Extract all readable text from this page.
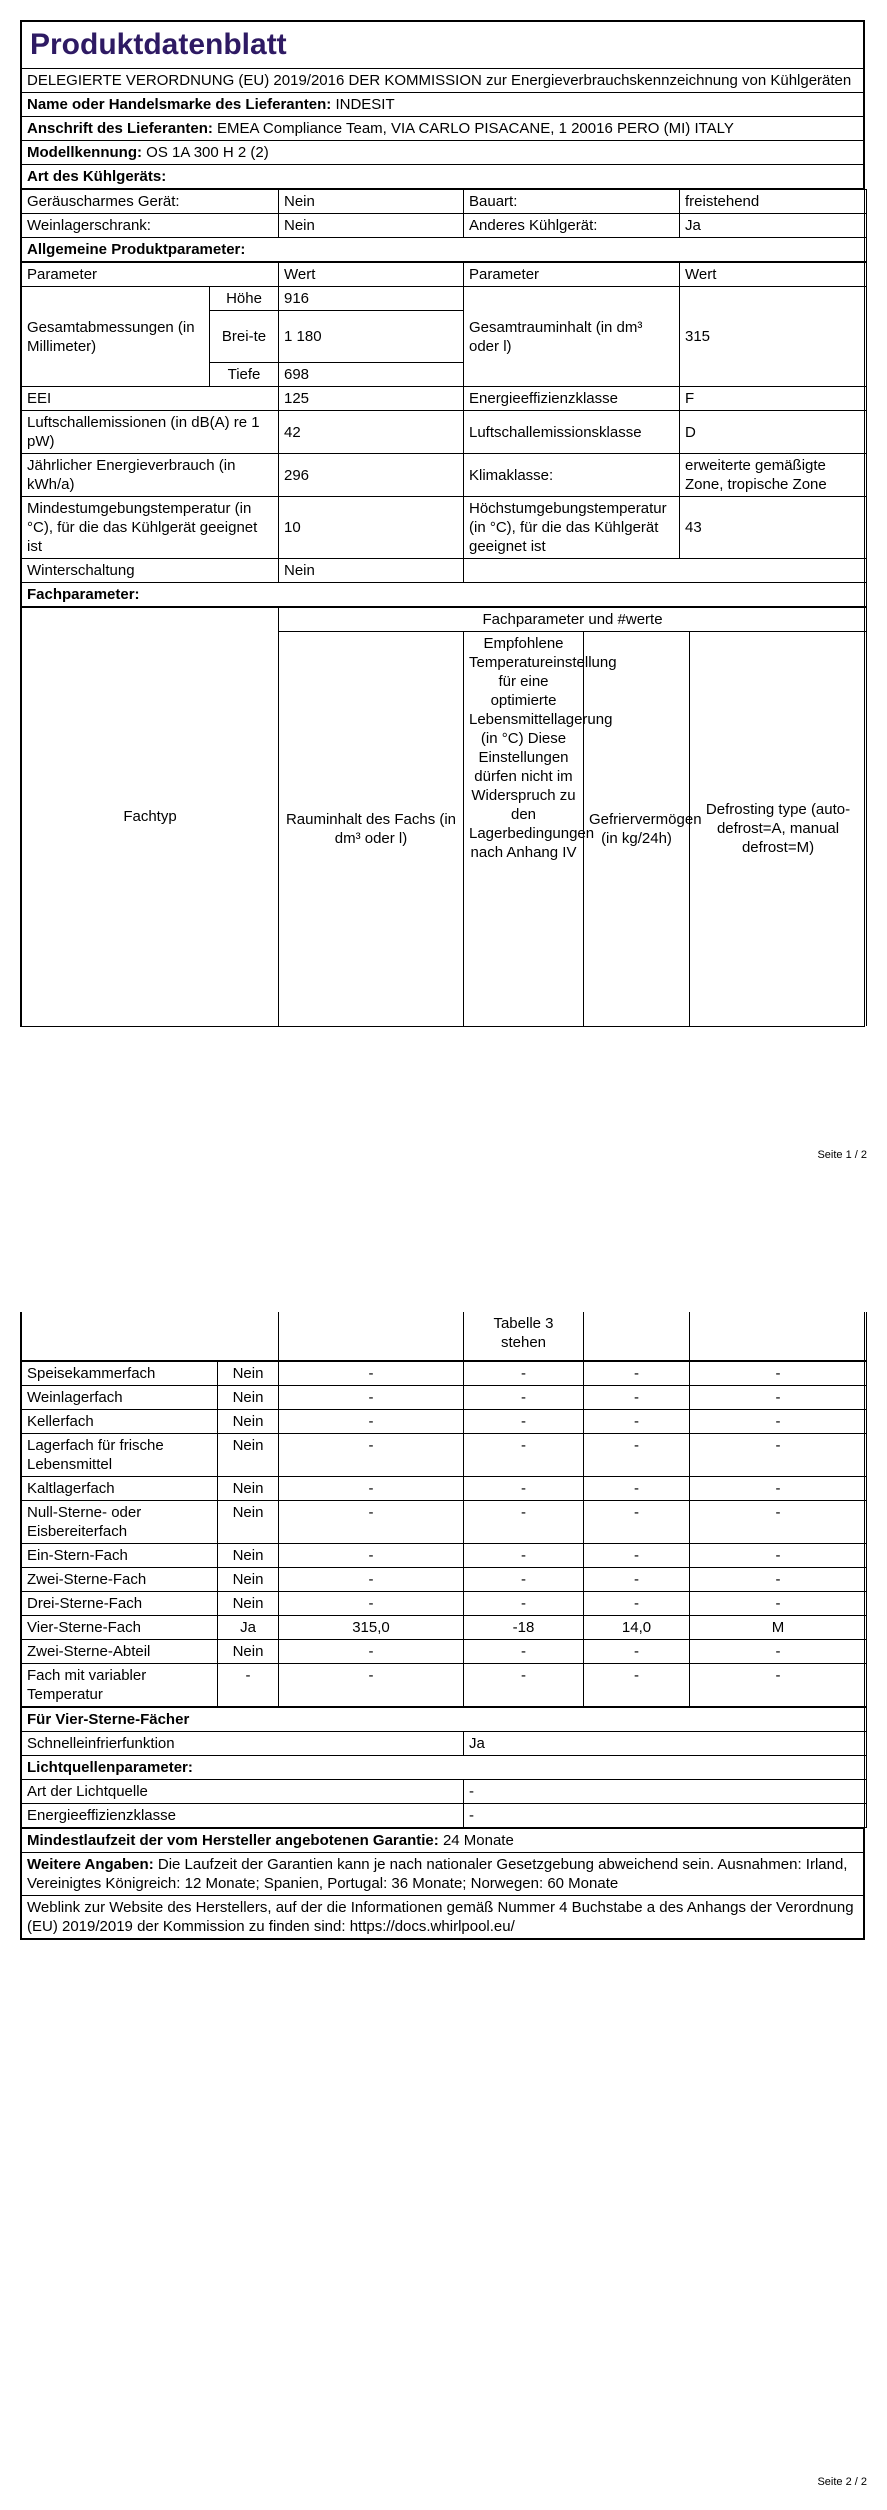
Produktdatenblatt
DELEGIERTE VERORDNUNG (EU) 2019/2016 DER KOMMISSION zur Energieverbrauchskennzeichnung von Kühlgeräten
Name oder Handelsmarke des Lieferanten: INDESIT
Anschrift des Lieferanten: EMEA Compliance Team, VIA CARLO PISACANE, 1 20016 PERO (MI) ITALY
Modellkennung: OS 1A 300 H 2 (2)
Art des Kühlgeräts:
Geräuscharmes Gerät:	Nein	Bauart:	freistehend
Weinlagerschrank:	Nein	Anderes Kühlgerät:	Ja
Allgemeine Produktparameter:			
Parameter		Wert	Parameter	Wert
Gesamtabmessungen (in Millimeter)	Höhe	916	Gesamtrauminhalt (in dm³ oder l)	315
	Brei-te	1 180		
	Tiefe	698		
EEI		125	Energieeffizienzklasse	F
Luftschallemissionen (in dB(A) re 1 pW)		42	Luftschallemissionsklasse	D
Jährlicher Energieverbrauch (in kWh/a)		296	Klimaklasse:	erweiterte gemäßigte Zone, tropische Zone
Mindestumgebungstemperatur (in °C), für die das Kühlgerät geeignet ist		10	Höchstumgebungstemperatur (in °C), für die das Kühlgerät geeignet ist	43
Winterschaltung		Nein		
Fachparameter:				
Fachtyp	Fachparameter und #werte			
	Rauminhalt des Fachs (in dm³ oder l)	Empfohlene Temperatureinstellung für eine optimierte Lebensmittellagerung (in °C) Diese Einstellungen dürfen nicht im Widerspruch zu den Lagerbedingungen nach Anhang IV	Gefriervermögen (in kg/24h)	Defrosting type (auto-defrost=A, manual defrost=M)
Seite 1 / 2
		Tabelle 3 stehen		
Speisekammerfach	Nein	-	-	-	-
Weinlagerfach	Nein	-	-	-	-
Kellerfach	Nein	-	-	-	-
Lagerfach für frische Lebensmittel	Nein	-	-	-	-
Kaltlagerfach	Nein	-	-	-	-
Null-Sterne- oder Eisbereiterfach	Nein	-	-	-	-
Ein-Stern-Fach	Nein	-	-	-	-
Zwei-Sterne-Fach	Nein	-	-	-	-
Drei-Sterne-Fach	Nein	-	-	-	-
Vier-Sterne-Fach	Ja	315,0	-18	14,0	M
Zwei-Sterne-Abteil	Nein	-	-	-	-
Fach mit variabler Temperatur	-	-	-	-	-
Für Vier-Sterne-Fächer	
Schnelleinfrierfunktion	Ja
Lichtquellenparameter:	
Art der Lichtquelle	-
Energieeffizienzklasse	-
Mindestlaufzeit der vom Hersteller angebotenen Garantie: 24 Monate
Weitere Angaben: Die Laufzeit der Garantien kann je nach nationaler Gesetzgebung abweichend sein. Ausnahmen: Irland, Vereinigtes Königreich: 12 Monate; Spanien, Portugal: 36 Monate; Norwegen: 60 Monate
Weblink zur Website des Herstellers, auf der die Informationen gemäß Nummer 4 Buchstabe a des Anhangs der Verordnung (EU) 2019/2019 der Kommission zu finden sind: https://docs.whirlpool.eu/
Seite 2 / 2
